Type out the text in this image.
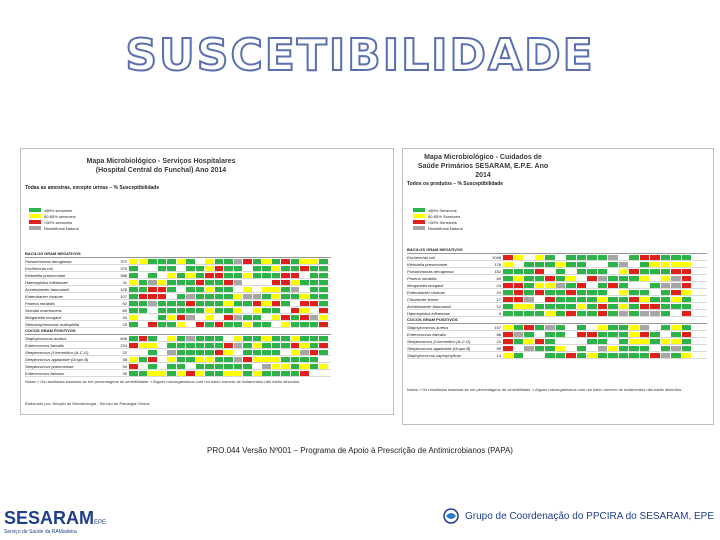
SUSCETIBILIDADE
Mapa Microbiológico - Serviços Hospitalares (Hospital Central do Funchal) Ano 2014
Todas as amostras, excepto urinas – % Susceptibilidade
≥85% sensíveis
50-85% sensíveis
<50% sensíveis
Resistência Natural
BACILOS GRAM NEGATIVOS
Pseudomonas aeruginosa	372
Escherichia coli	375
Klebsiella pneumoniae	388
Haemophilus influenzae	11
Acinetobacter baumannii	128
Enterobacter cloacae	107
Proteus mirabilis	92
Serratia marcescens	60
Morganella morganii	34
Stenotrophomonas maltophilia	25
COCOS GRAM POSITIVOS
Staphylococcus aureus	608
Enterococcus faecalis	224
Streptococcus β-hemolítico (A-C-G)	22
Streptococcus agalactiae (Grupo B)	38
Streptococcus pneumoniae	34
Enterococcus faecium	35
Notas: ▪ Os resultados baseiam-se em percentagens de sensibilidade. ▪ Alguns microrganismos com um baixo número de isolamentos não estão descritos.
Elaborado por: Secção de Microbiologia - Serviço de Patologia Clínica
Mapa Microbiológico - Cuidados de Saúde Primários SESARAM, E.P.E. Ano 2014
Todos os produtos – % Susceptibilidade
≥85% Sensíveis
50-85% Sensíveis
<50% Sensíveis
Resistência Natural
BACILOS GRAM NEGATIVOS
Escherichia coli	1046
Klebsiella pneumoniae	176
Pseudomonas aeruginosa	152
Proteus mirabilis	80
Morganella morganii	24
Enterobacter cloacae	24
Citrobacter koseri	17
Acinetobacter baumannii	12
Haemophilus influenzae	9
COCOS GRAM POSITIVOS
Staphylococcus aureus	157
Enterococcus faecalis	68
Streptococcus β-hemolítico (A-C-G)	22
Streptococcus agalactiae (Grupo B)	55
Staphylococcus saprophyticus	14
Notas: ▪ Os resultados baseiam-se em percentagens de sensibilidade. ▪ Alguns microrganismos com um baixo número de isolamentos não estão descritos.
PRO.044 Versão Nº001 – Programa de Apoio à Prescrição de Antimicrobianos (PAPA)
SESARAMEPE
Serviço de Saúde da RAMadeira
Grupo de Coordenação do PPCIRA do SESARAM, EPE
